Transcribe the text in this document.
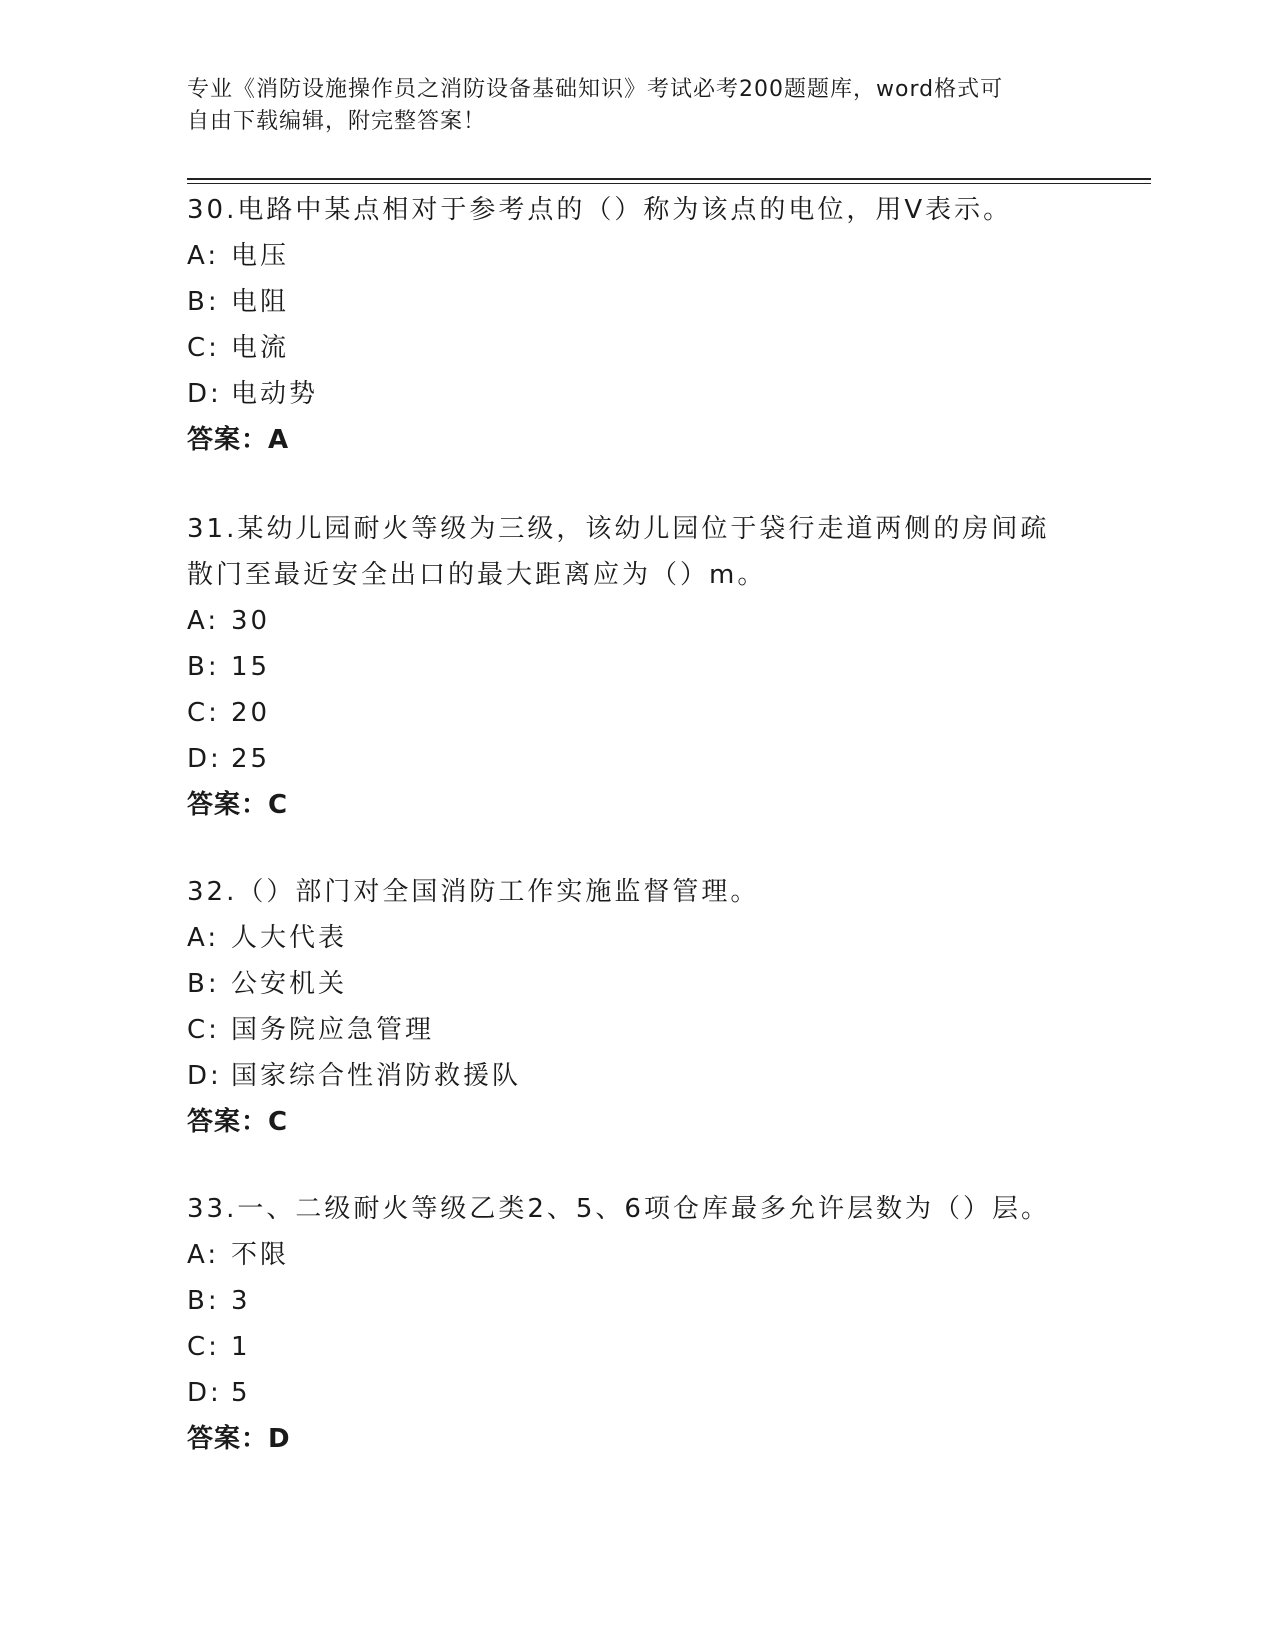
专业《消防设施操作员之消防设备基础知识》考试必考200题题库，word格式可
自由下载编辑，附完整答案！

30.电路中某点相对于参考点的（）称为该点的电位，用V表示。

A: 电压

B: 电阻

C: 电流

D: 电动势

答案：A

31.某幼儿园耐火等级为三级，该幼儿园位于袋行走道两侧的房间疏散门至最近安全出口的最大距离应为（）m。

A: 30

B: 15

C: 20

D: 25

答案：C

32.（）部门对全国消防工作实施监督管理。

A: 人大代表

B: 公安机关

C: 国务院应急管理

D: 国家综合性消防救援队

答案：C

33.一、二级耐火等级乙类2、5、6项仓库最多允许层数为（）层。

A: 不限

B: 3

C: 1

D: 5

答案：D
